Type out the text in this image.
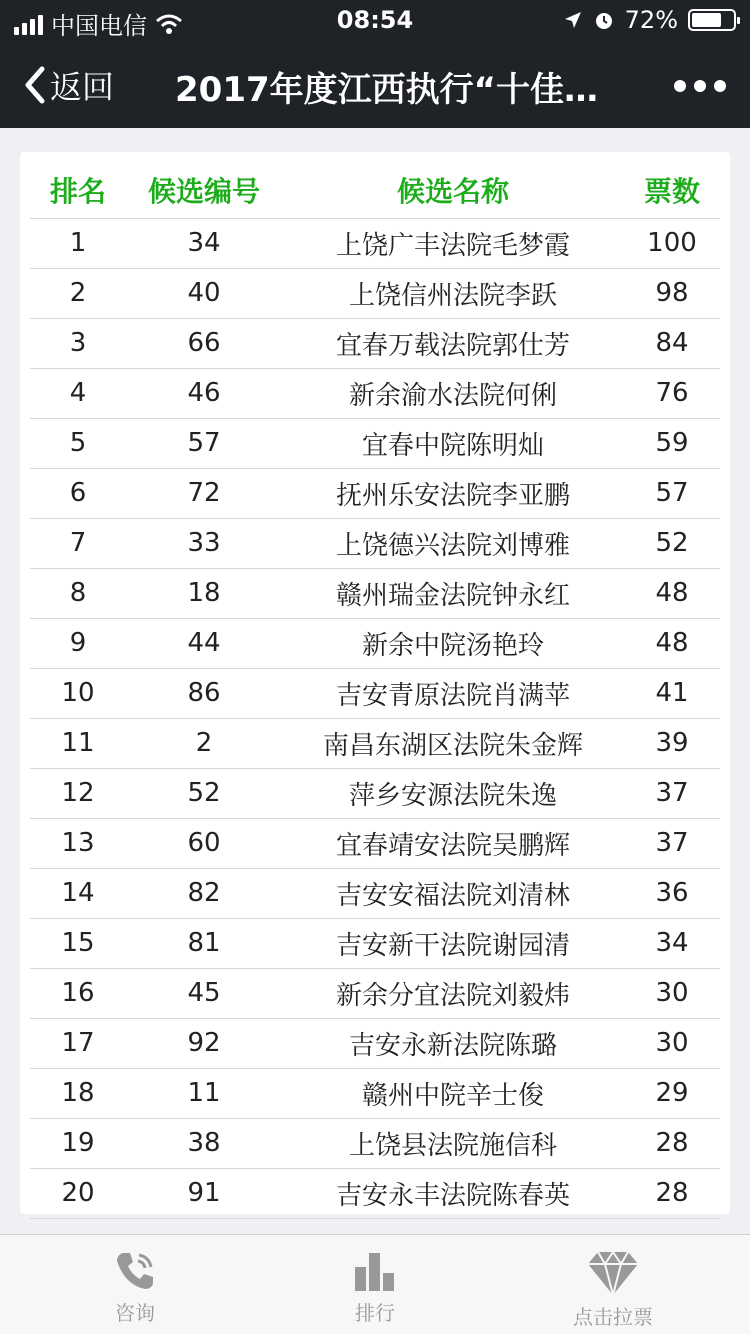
中国电信	08:54	72%
返回 2017年度江西执行“十佳…
排名	候选编号	候选名称	票数
1	34	上饶广丰法院毛梦霞	100
2	40	上饶信州法院李跃	98
3	66	宜春万载法院郭仕芳	84
4	46	新余渝水法院何俐	76
5	57	宜春中院陈明灿	59
6	72	抚州乐安法院李亚鹏	57
7	33	上饶德兴法院刘博雅	52
8	18	赣州瑞金法院钟永红	48
9	44	新余中院汤艳玲	48
10	86	吉安青原法院肖满苹	41
11	2	南昌东湖区法院朱金辉	39
12	52	萍乡安源法院朱逸	37
13	60	宜春靖安法院吴鹏辉	37
14	82	吉安安福法院刘清林	36
15	81	吉安新干法院谢园清	34
16	45	新余分宜法院刘毅炜	30
17	92	吉安永新法院陈璐	30
18	11	赣州中院辛士俊	29
19	38	上饶县法院施信科	28
20	91	吉安永丰法院陈春英	28
咨询	排行	点击拉票
